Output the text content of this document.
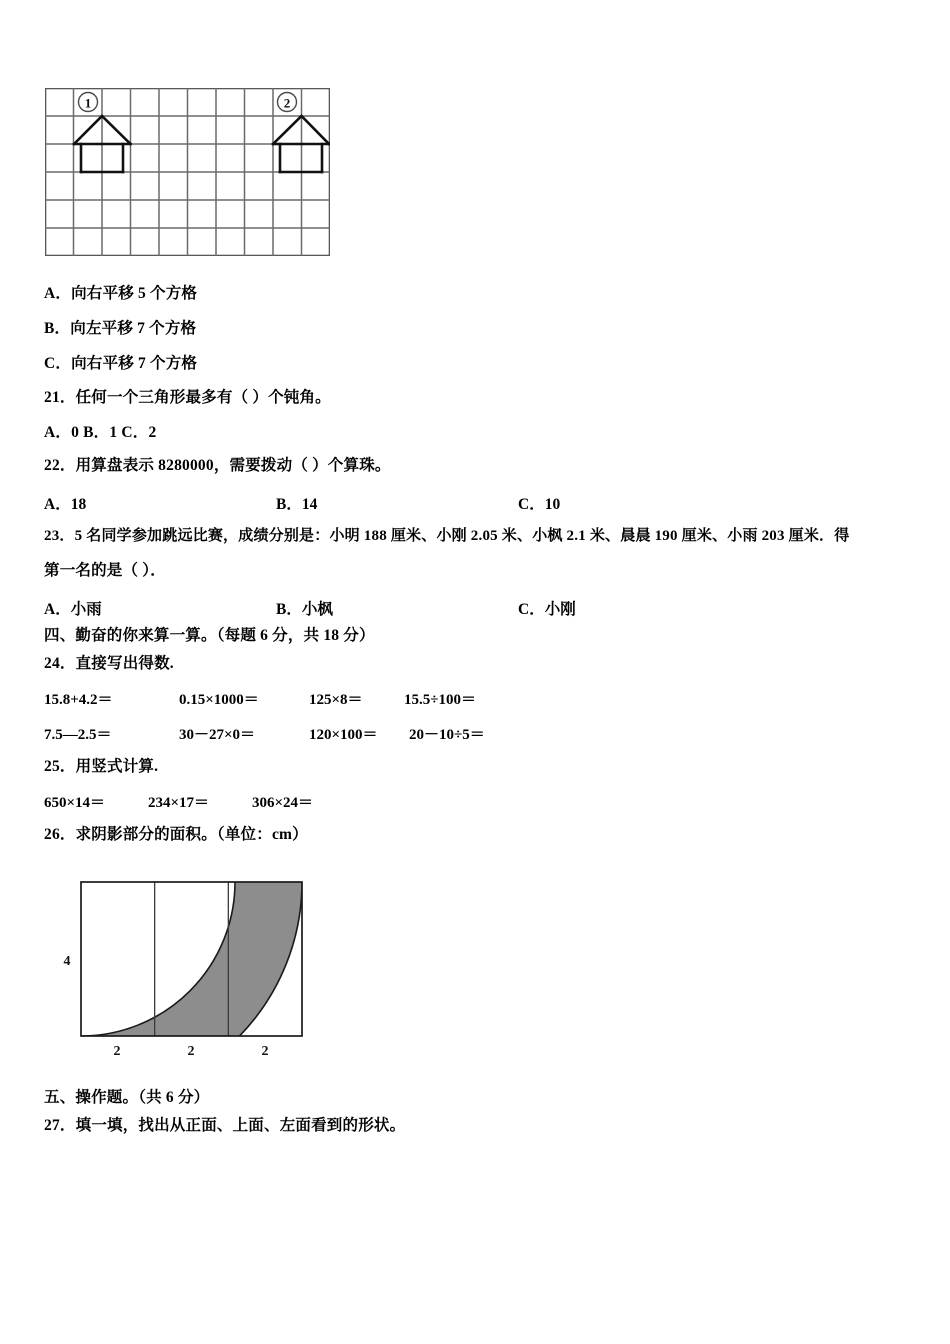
1	2
A．向右平移 5 个方格
B．向左平移 7 个方格
C．向右平移 7 个方格
21．任何一个三角形最多有（ ）个钝角。
A．0 B．1 C．2
22．用算盘表示 8280000，需要拨动（ ）个算珠。
A．18	B．14	C．10
23．5 名同学参加跳远比赛，成绩分别是：小明 188 厘米、小刚 2.05 米、小枫 2.1 米、晨晨 190 厘米、小雨 203 厘米．得
第一名的是（ ）．
A．小雨	B．小枫	C．小刚
四、勤奋的你来算一算。（每题 6 分，共 18 分）
24．直接写出得数.
15.8+4.2＝	0.15×1000＝	125×8＝	15.5÷100＝
7.5—2.5＝	30－27×0＝	120×100＝ 20－10÷5＝
25．用竖式计算.
650×14＝	234×17＝	306×24＝
26．求阴影部分的面积。（单位：cm）
4
2	2	2
五、操作题。（共 6 分）
27．填一填，找出从正面、上面、左面看到的形状。
